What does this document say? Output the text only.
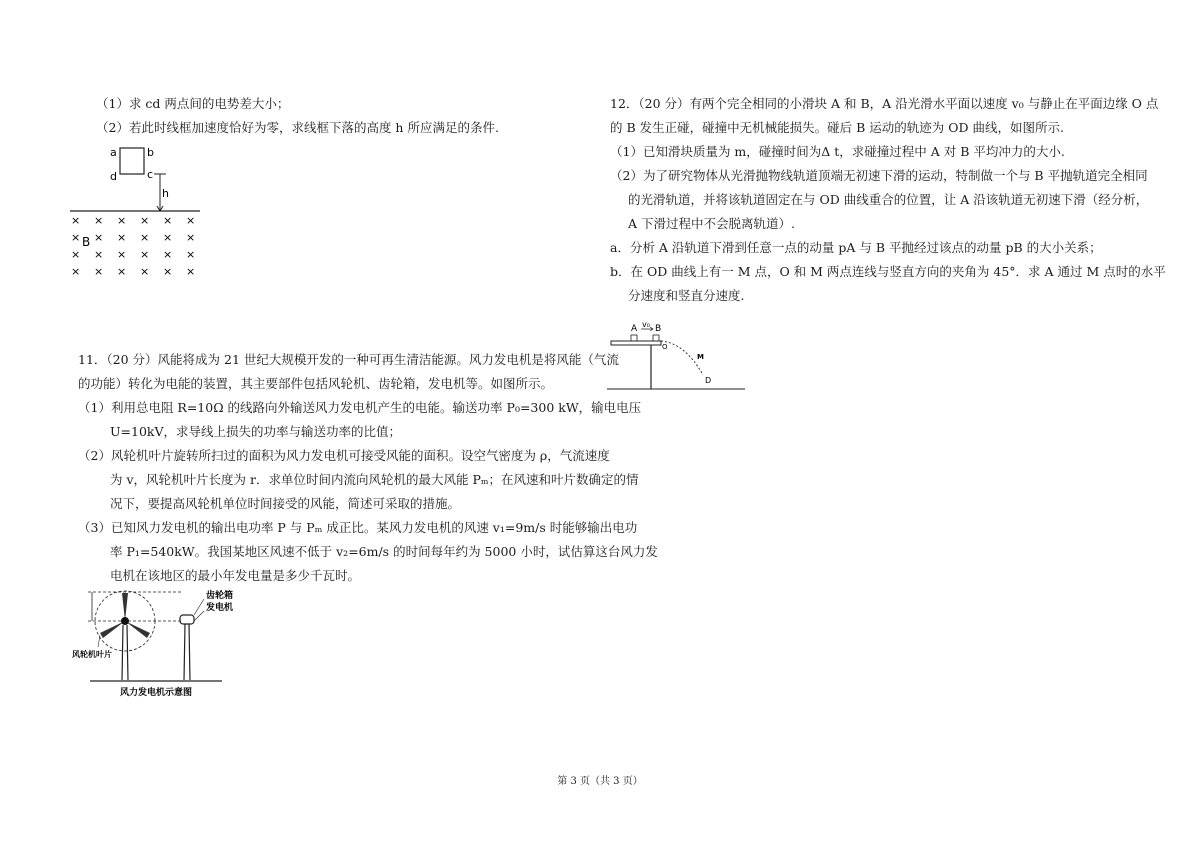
（1）求 cd 两点间的电势差大小；

（2）若此时线框加速度恰好为零，求线框下落的高度 h 所应满足的条件.

a	b
d	c
h
× × × × × ×
× × × × × ×
× × × × × ×
× × × × × ×
B

11．（20 分）风能将成为 21 世纪大规模开发的一种可再生清洁能源。风力发电机是将风能（气流

的功能）转化为电能的装置，其主要部件包括风轮机、齿轮箱，发电机等。如图所示。

（1）利用总电阻 R=10Ω 的线路向外输送风力发电机产生的电能。输送功率 P₀=300 kW，输电电压

U=10kV，求导线上损失的功率与输送功率的比值；

（2）风轮机叶片旋转所扫过的面积为风力发电机可接受风能的面积。设空气密度为 ρ，气流速度

为 v，风轮机叶片长度为 r．求单位时间内流向风轮机的最大风能 Pₘ；在风速和叶片数确定的情

况下，要提高风轮机单位时间接受的风能，简述可采取的措施。

（3）已知风力发电机的输出电功率 P 与 Pₘ 成正比。某风力发电机的风速 v₁=9m/s 时能够输出电功

率 P₁=540kW。我国某地区风速不低于 v₂=6m/s 的时间每年约为 5000 小时，试估算这台风力发

电机在该地区的最小年发电量是多少千瓦时。

齿轮箱
发电机
风轮机叶片
风力发电机示意图

12．（20 分）有两个完全相同的小滑块 A 和 B，A 沿光滑水平面以速度 v₀ 与静止在平面边缘 O 点

的 B 发生正碰，碰撞中无机械能损失。碰后 B 运动的轨迹为 OD 曲线，如图所示.

（1）已知滑块质量为 m，碰撞时间为Δ t，求碰撞过程中 A 对 B 平均冲力的大小.

（2）为了研究物体从光滑抛物线轨道顶端无初速下滑的运动，特制做一个与 B 平抛轨道完全相同

的光滑轨道，并将该轨道固定在与 OD 曲线重合的位置，让 A 沿该轨道无初速下滑（经分析，

A 下滑过程中不会脱离轨道）.

a．分析 A 沿轨道下滑到任意一点的动量 pA 与 B 平抛经过该点的动量 pB 的大小关系；

b．在 OD 曲线上有一 M 点，O 和 M 两点连线与竖直方向的夹角为 45°．求 A 通过 M 点时的水平

分速度和竖直分速度.

A v₀ B
O
M
D
第 3 页（共 3 页）
